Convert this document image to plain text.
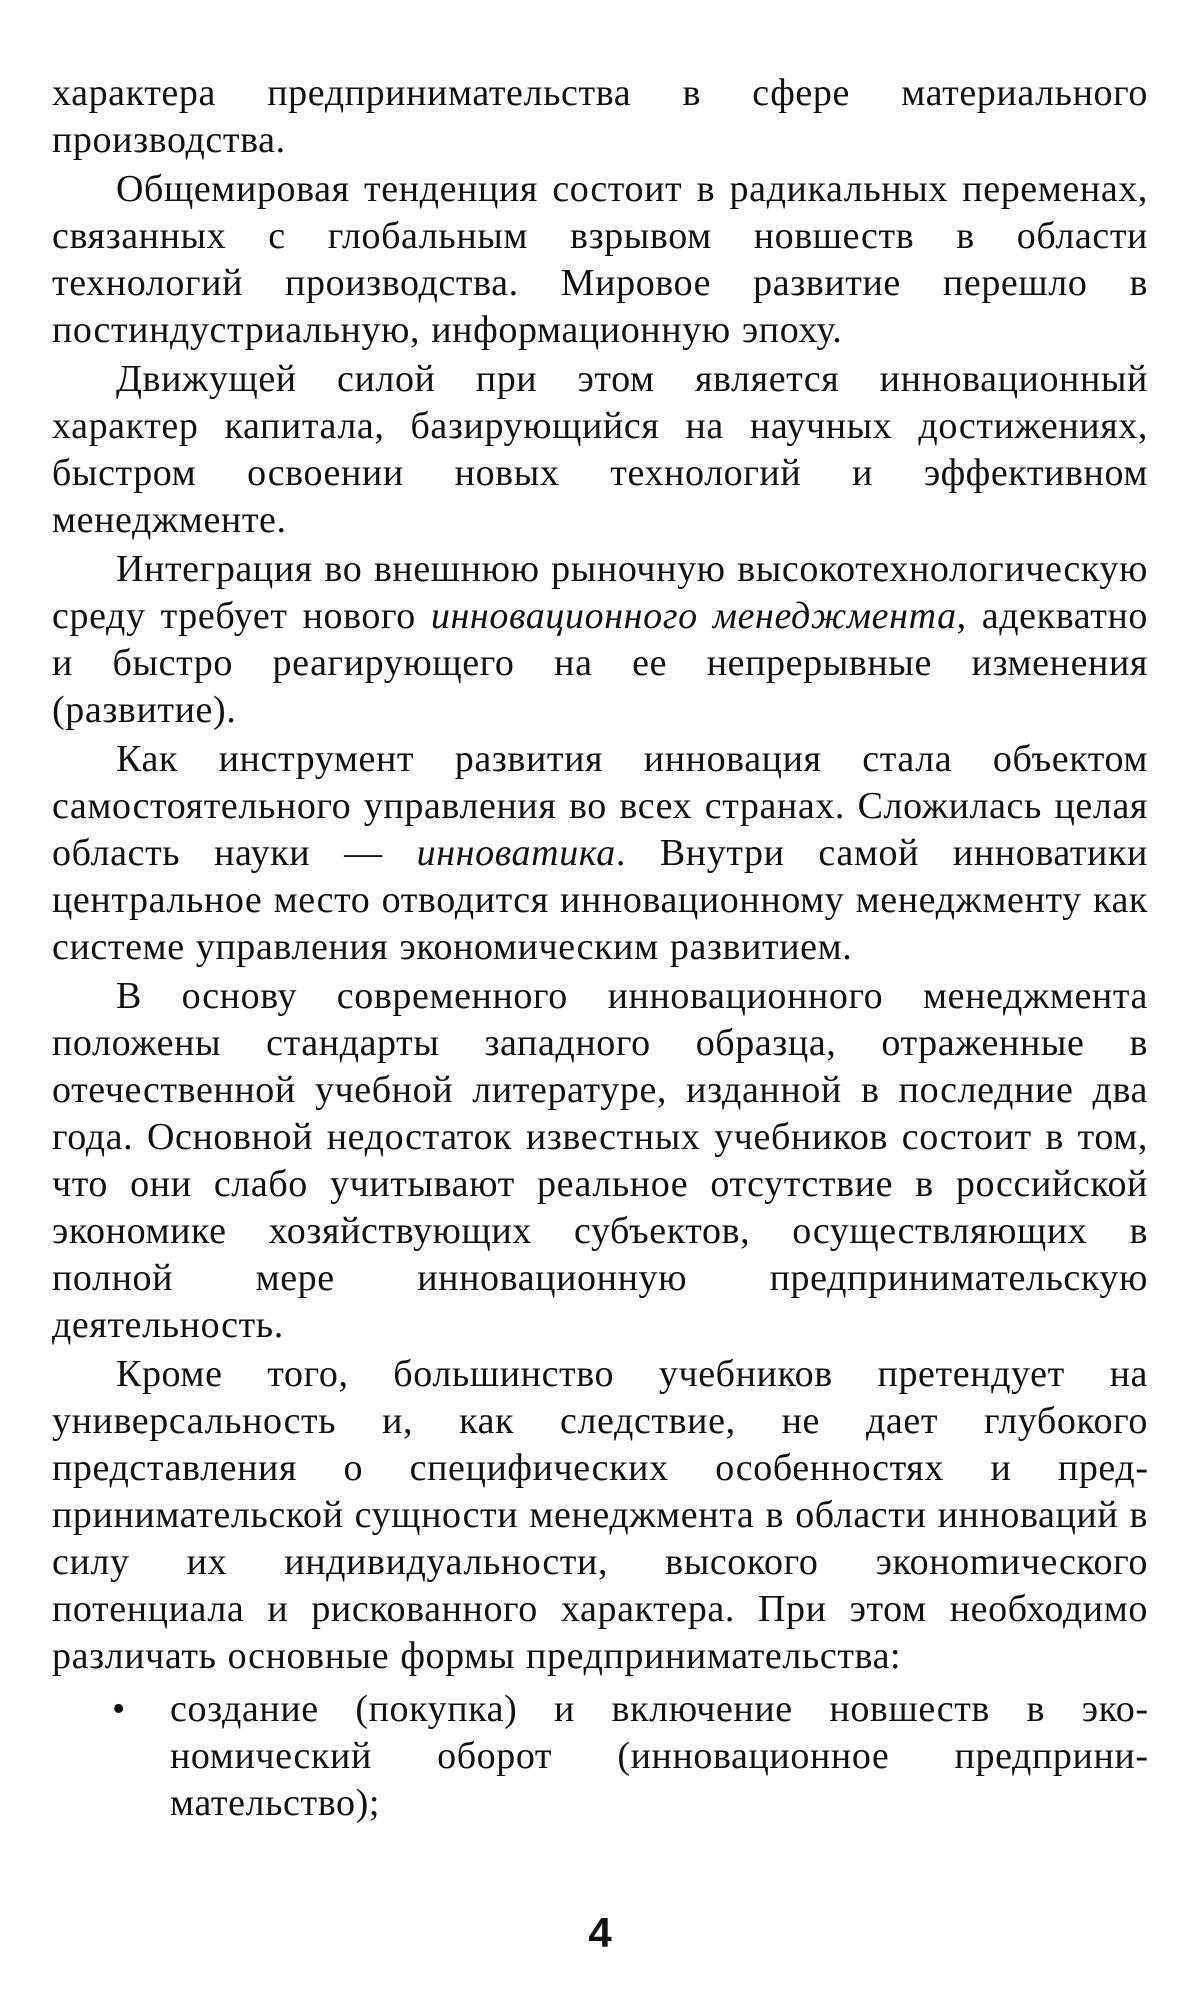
характера предпринимательства в сфере материального производства.

Общемировая тенденция состоит в радикальных переменах, связанных с глобальным взрывом новшеств в области технологий производства. Мировое развитие перешло в постиндустриальную, информационную эпоху.

Движущей силой при этом является инновационный характер капитала, базирующийся на научных достижениях, быстром освоении новых технологий и эффективном менеджменте.

Интеграция во внешнюю рыночную высокотехнологическую среду требует нового инновационного менеджмента, адекватно и быстро реагирующего на ее непрерывные изменения (развитие).

Как инструмент развития инновация стала объектом самостоятельного управления во всех странах. Сложилась целая область науки — инноватика. Внутри самой инноватики центральное место отводится инновационному менеджменту как системе управления экономическим развитием.

В основу современного инновационного менеджмента положены стандарты западного образца, отраженные в отечественной учебной литературе, изданной в последние два года. Основной недостаток известных учебников состоит в том, что они слабо учитывают реальное отсутствие в российской экономике хозяйствующих субъектов, осуществляющих в полной мере инновационную предпринимательскую деятельность.

Кроме того, большинство учебников претендует на универсальность и, как следствие, не дает глубокого представления о специфических особенностях и предпринимательской сущности менеджмента в области инноваций в силу их индивидуальности, высокого эконоmического потенциала и рискованного характера. При этом необходимо различать основные формы предпринимательства:

• создание (покупка) и включение новшеств в экономический оборот (инновационное предпринимательство);
4
